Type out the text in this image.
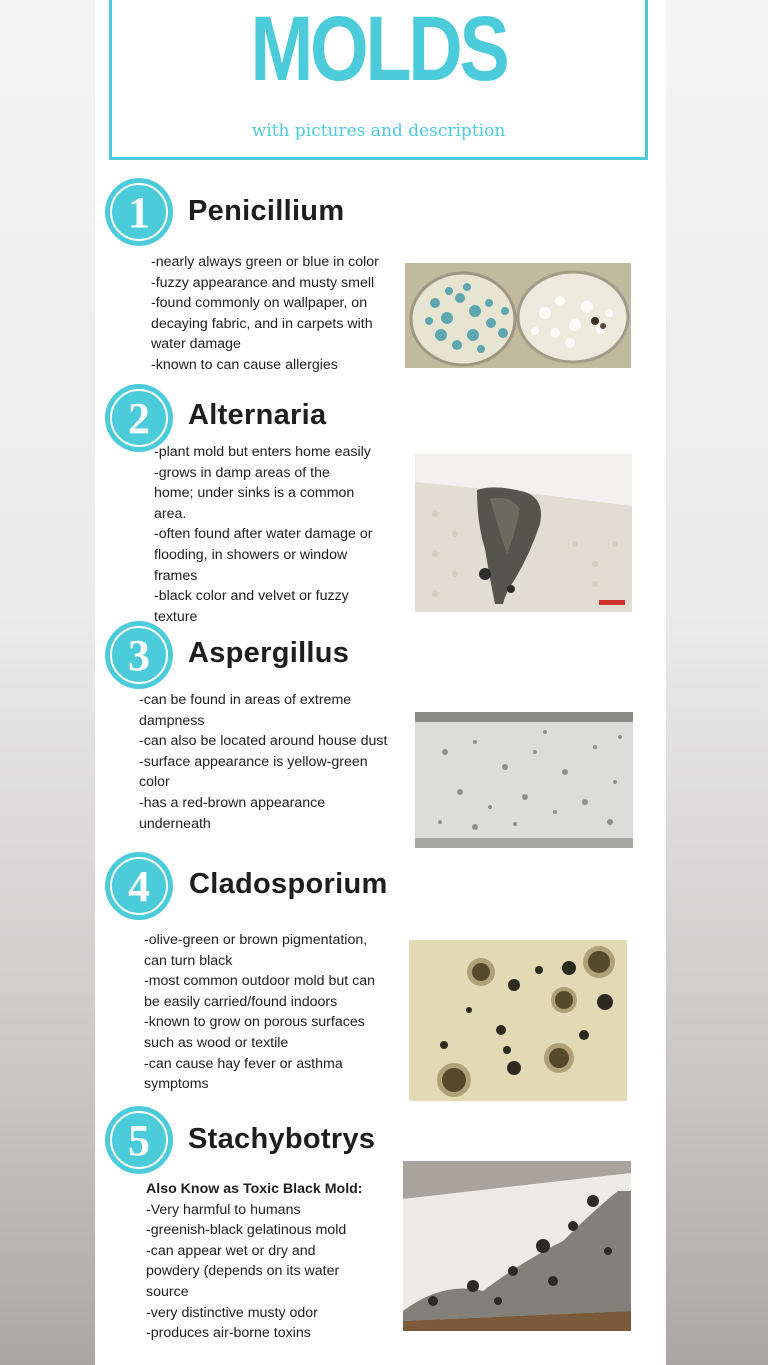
MOLDS
with pictures and description
1
2
3
4
5
Penicillium
-nearly always green or blue in color
-fuzzy appearance and musty smell
-found commonly on wallpaper, on
decaying fabric, and in carpets with
water damage
-known to can cause allergies
Alternaria
-plant mold but enters home easily
-grows in damp areas of the
home; under sinks is a common
area.
-often found after water damage or
flooding, in showers or window
frames
-black color and velvet or fuzzy
texture
Aspergillus
-can be found in areas of extreme
dampness
-can also be located around house dust
-surface appearance is yellow-green
color
-has a red-brown appearance
underneath
Cladosporium
-olive-green or brown pigmentation,
can turn black
-most common outdoor mold but can
be easily carried/found indoors
-known to grow on porous surfaces
such as wood or textile
-can cause hay fever or asthma
symptoms
Stachybotrys
Also Know as Toxic Black Mold:
-Very harmful to humans
-greenish-black gelatinous mold
-can appear wet or dry and
powdery (depends on its water
source
-very distinctive musty odor
-produces air-borne toxins
